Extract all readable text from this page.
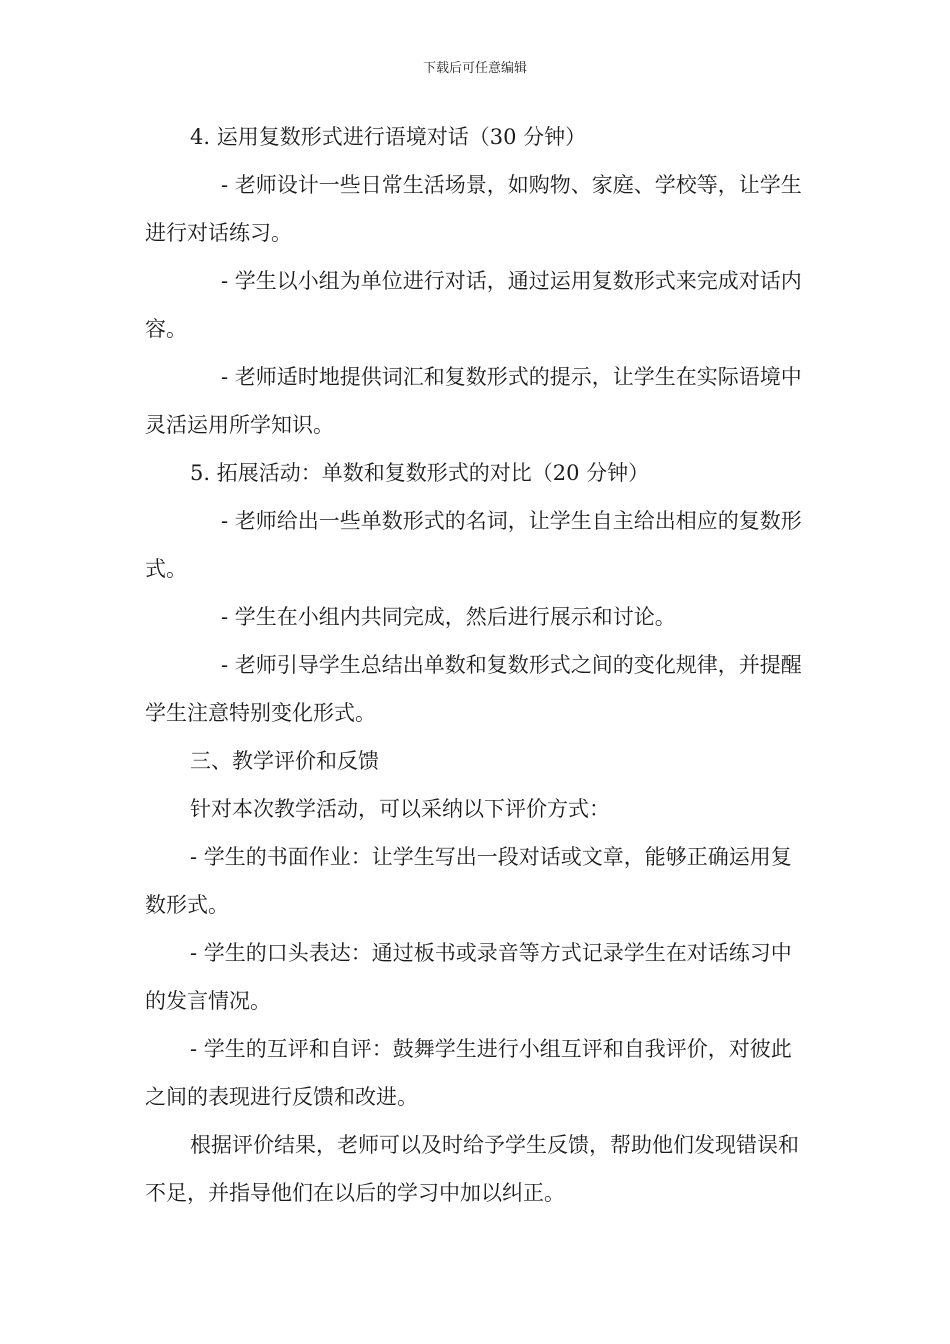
下载后可任意编辑

4. 运用复数形式进行语境对话（30 分钟）

- 老师设计一些日常生活场景，如购物、家庭、学校等，让学生进行对话练习。

- 学生以小组为单位进行对话，通过运用复数形式来完成对话内容。

- 老师适时地提供词汇和复数形式的提示，让学生在实际语境中灵活运用所学知识。

5. 拓展活动：单数和复数形式的对比（20 分钟）

- 老师给出一些单数形式的名词，让学生自主给出相应的复数形式。

- 学生在小组内共同完成，然后进行展示和讨论。

- 老师引导学生总结出单数和复数形式之间的变化规律，并提醒学生注意特别变化形式。

三、教学评价和反馈

针对本次教学活动，可以采纳以下评价方式：

- 学生的书面作业：让学生写出一段对话或文章，能够正确运用复数形式。

- 学生的口头表达：通过板书或录音等方式记录学生在对话练习中的发言情况。

- 学生的互评和自评：鼓舞学生进行小组互评和自我评价，对彼此之间的表现进行反馈和改进。

根据评价结果，老师可以及时给予学生反馈，帮助他们发现错误和不足，并指导他们在以后的学习中加以纠正。
